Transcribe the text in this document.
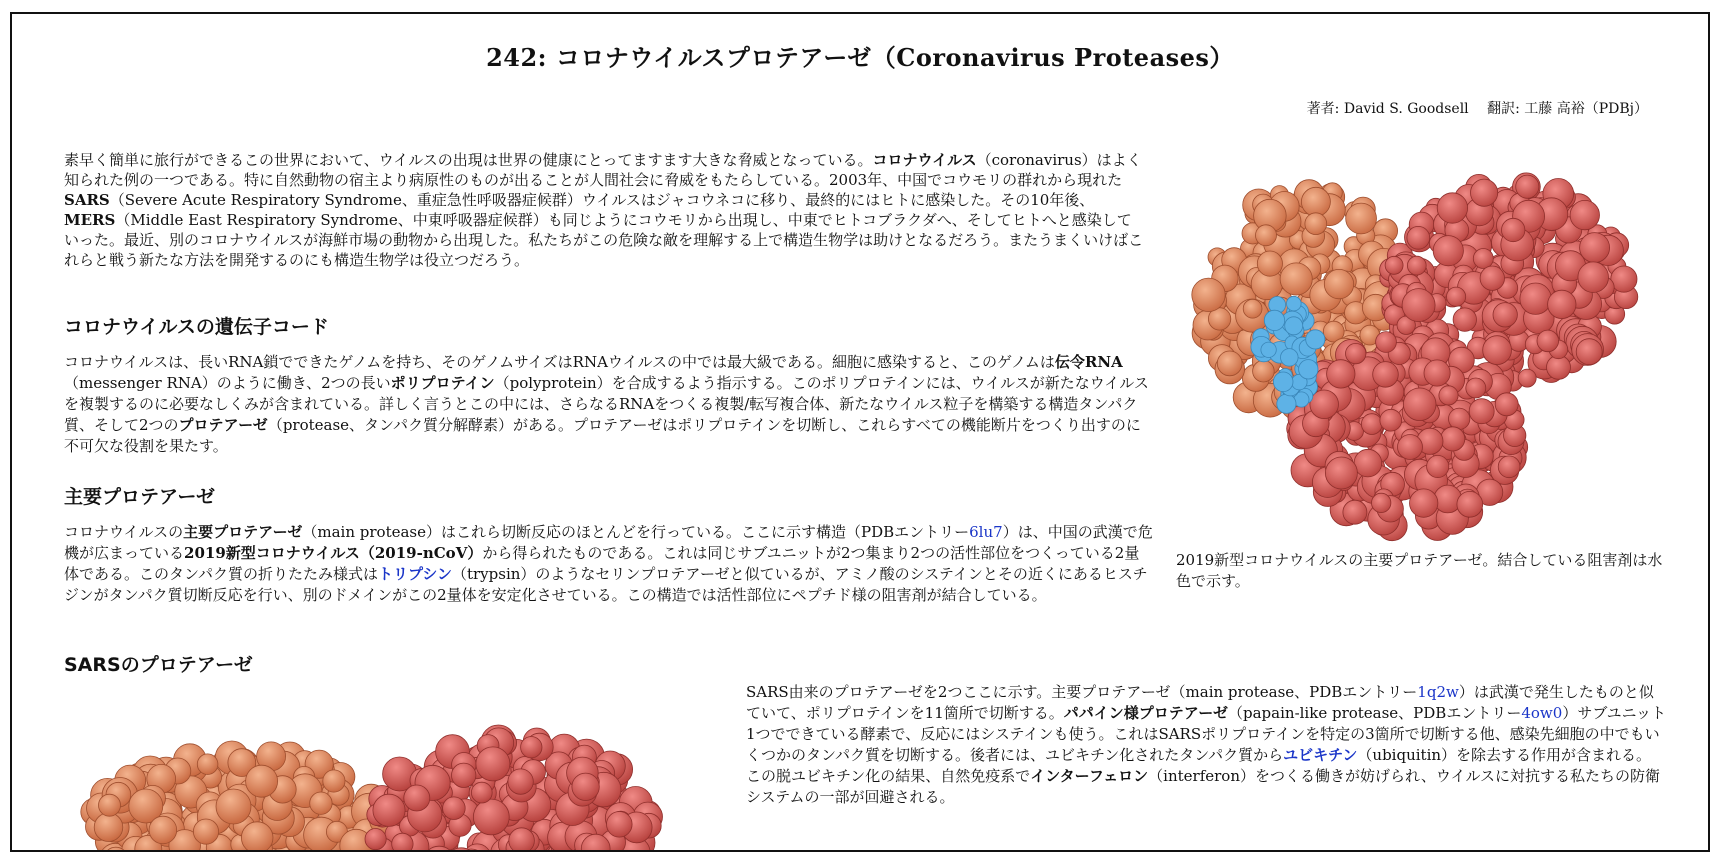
242: コロナウイルスプロテアーゼ（Coronavirus Proteases）
著者: David S. Goodsell 翻訳: 工藤 高裕（PDBj）

素早く簡単に旅行ができるこの世界において、ウイルスの出現は世界の健康にとってますます大きな脅威となっている。コロナウイルス（coronavirus）はよく知られた例の一つである。特に自然動物の宿主より病原性のものが出ることが人間社会に脅威をもたらしている。2003年、中国でコウモリの群れから現れたSARS（Severe Acute Respiratory Syndrome、重症急性呼吸器症候群）ウイルスはジャコウネコに移り、最終的にはヒトに感染した。その10年後、MERS（Middle East Respiratory Syndrome、中東呼吸器症候群）も同じようにコウモリから出現し、中東でヒトコブラクダへ、そしてヒトへと感染していった。最近、別のコロナウイルスが海鮮市場の動物から出現した。私たちがこの危険な敵を理解する上で構造生物学は助けとなるだろう。またうまくいけばこれらと戦う新たな方法を開発するのにも構造生物学は役立つだろう。

コロナウイルスの遺伝子コード

コロナウイルスは、長いRNA鎖でできたゲノムを持ち、そのゲノムサイズはRNAウイルスの中では最大級である。細胞に感染すると、このゲノムは伝令RNA（messenger RNA）のように働き、2つの長いポリプロテイン（polyprotein）を合成するよう指示する。このポリプロテインには、ウイルスが新たなウイルスを複製するのに必要なしくみが含まれている。詳しく言うとこの中には、さらなるRNAをつくる複製/転写複合体、新たなウイルス粒子を構築する構造タンパク質、そして2つのプロテアーゼ（protease、タンパク質分解酵素）がある。プロテアーゼはポリプロテインを切断し、これらすべての機能断片をつくり出すのに不可欠な役割を果たす。

主要プロテアーゼ

コロナウイルスの主要プロテアーゼ（main protease）はこれら切断反応のほとんどを行っている。ここに示す構造（PDBエントリー6lu7）は、中国の武漢で危機が広まっている2019新型コロナウイルス（2019-nCoV）から得られたものである。これは同じサブユニットが2つ集まり2つの活性部位をつくっている2量体である。このタンパク質の折りたたみ様式はトリプシン（trypsin）のようなセリンプロテアーゼと似ているが、アミノ酸のシステインとその近くにあるヒスチジンがタンパク質切断反応を行い、別のドメインがこの2量体を安定化させている。この構造では活性部位にペプチド様の阻害剤が結合している。

SARSのプロテアーゼ

SARS由来のプロテアーゼを2つここに示す。主要プロテアーゼ（main protease、PDBエントリー1q2w）は武漢で発生したものと似ていて、ポリプロテインを11箇所で切断する。パパイン様プロテアーゼ（papain-like protease、PDBエントリー4ow0）サブユニット1つでできている酵素で、反応にはシステインも使う。これはSARSポリプロテインを特定の3箇所で切断する他、感染先細胞の中でもいくつかのタンパク質を切断する。後者には、ユビキチン化されたタンパク質からユビキチン（ubiquitin）を除去する作用が含まれる。この脱ユビキチン化の結果、自然免疫系でインターフェロン（interferon）をつくる働きが妨げられ、ウイルスに対抗する私たちの防衛システムの一部が回避される。

2019新型コロナウイルスの主要プロテアーゼ。結合している阻害剤は水色で示す。
